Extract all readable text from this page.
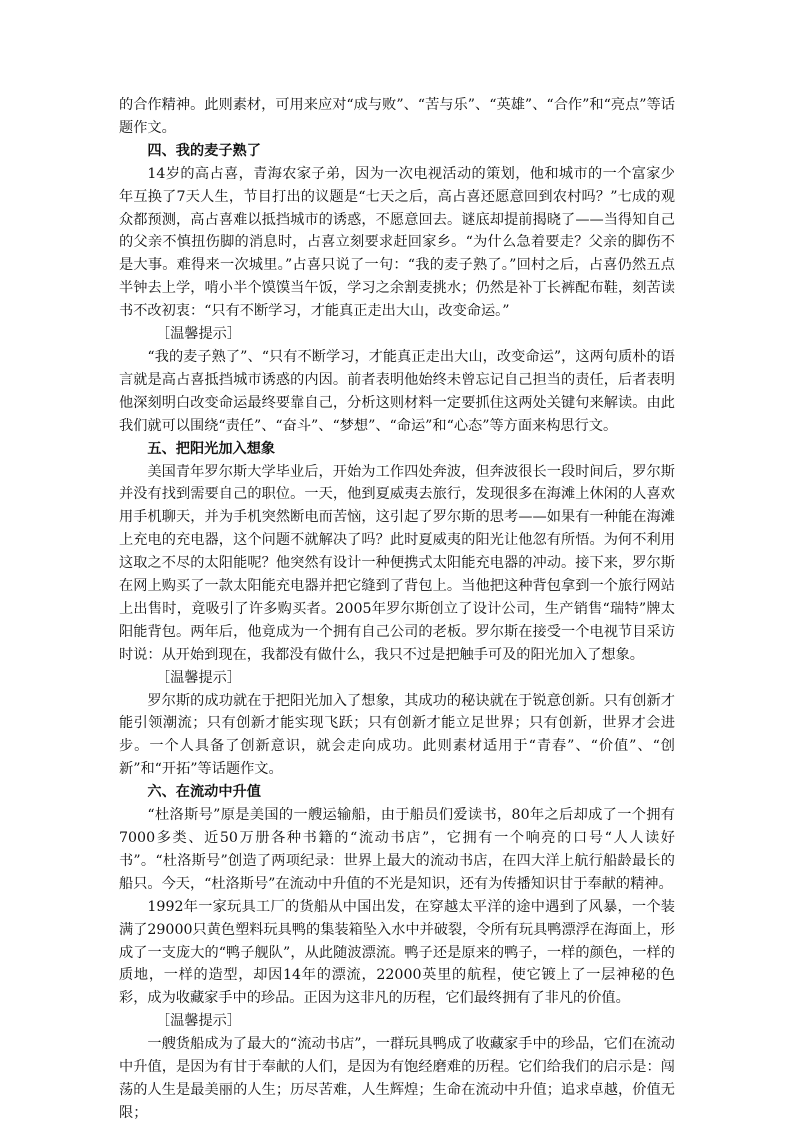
的合作精神。此则素材，可用来应对“成与败”、“苦与乐”、“英雄”、“合作”和“亮点”等话题作文。

四、我的麦子熟了

14岁的高占喜，青海农家子弟，因为一次电视活动的策划，他和城市的一个富家少年互换了7天人生，节目打出的议题是“七天之后，高占喜还愿意回到农村吗？”七成的观众都预测，高占喜难以抵挡城市的诱惑，不愿意回去。谜底却提前揭晓了——当得知自己的父亲不慎扭伤脚的消息时，占喜立刻要求赶回家乡。“为什么急着要走？父亲的脚伤不是大事。难得来一次城里。”占喜只说了一句：“我的麦子熟了。”回村之后，占喜仍然五点半钟去上学，啃小半个馍馍当午饭，学习之余割麦挑水；仍然是补丁长裤配布鞋，刻苦读书不改初衷：“只有不断学习，才能真正走出大山，改变命运。”

［温馨提示］

“我的麦子熟了”、“只有不断学习，才能真正走出大山，改变命运”，这两句质朴的语言就是高占喜抵挡城市诱惑的内因。前者表明他始终未曾忘记自己担当的责任，后者表明他深刻明白改变命运最终要靠自己，分析这则材料一定要抓住这两处关键句来解读。由此我们就可以围绕“责任”、“奋斗”、“梦想”、“命运”和“心态”等方面来构思行文。

五、把阳光加入想象

美国青年罗尔斯大学毕业后，开始为工作四处奔波，但奔波很长一段时间后，罗尔斯并没有找到需要自己的职位。一天，他到夏威夷去旅行，发现很多在海滩上休闲的人喜欢用手机聊天，并为手机突然断电而苦恼，这引起了罗尔斯的思考——如果有一种能在海滩上充电的充电器，这个问题不就解决了吗？此时夏威夷的阳光让他忽有所悟。为何不利用这取之不尽的太阳能呢？他突然有设计一种便携式太阳能充电器的冲动。接下来，罗尔斯在网上购买了一款太阳能充电器并把它缝到了背包上。当他把这种背包拿到一个旅行网站上出售时，竟吸引了许多购买者。2005年罗尔斯创立了设计公司，生产销售“瑞特”牌太阳能背包。两年后，他竟成为一个拥有自己公司的老板。罗尔斯在接受一个电视节目采访时说：从开始到现在，我都没有做什么，我只不过是把触手可及的阳光加入了想象。

［温馨提示］

罗尔斯的成功就在于把阳光加入了想象，其成功的秘诀就在于锐意创新。只有创新才能引领潮流；只有创新才能实现飞跃；只有创新才能立足世界；只有创新，世界才会进步。一个人具备了创新意识，就会走向成功。此则素材适用于“青春”、“价值”、“创新”和“开拓”等话题作文。

六、在流动中升值

“杜洛斯号”原是美国的一艘运输船，由于船员们爱读书，80年之后却成了一个拥有7000多类、近50万册各种书籍的“流动书店”，它拥有一个响亮的口号“人人读好书”。“杜洛斯号”创造了两项纪录：世界上最大的流动书店，在四大洋上航行船龄最长的船只。今天，“杜洛斯号”在流动中升值的不光是知识，还有为传播知识甘于奉献的精神。

1992年一家玩具工厂的货船从中国出发，在穿越太平洋的途中遇到了风暴，一个装满了29000只黄色塑料玩具鸭的集装箱坠入水中并破裂，令所有玩具鸭漂浮在海面上，形成了一支庞大的“鸭子舰队”，从此随波漂流。鸭子还是原来的鸭子，一样的颜色，一样的质地，一样的造型，却因14年的漂流，22000英里的航程，使它镀上了一层神秘的色彩，成为收藏家手中的珍品。正因为这非凡的历程，它们最终拥有了非凡的价值。

［温馨提示］

一艘货船成为了最大的“流动书店”，一群玩具鸭成了收藏家手中的珍品，它们在流动中升值，是因为有甘于奉献的人们，是因为有饱经磨难的历程。它们给我们的启示是：闯荡的人生是最美丽的人生；历尽苦难，人生辉煌；生命在流动中升值；追求卓越，价值无限；
